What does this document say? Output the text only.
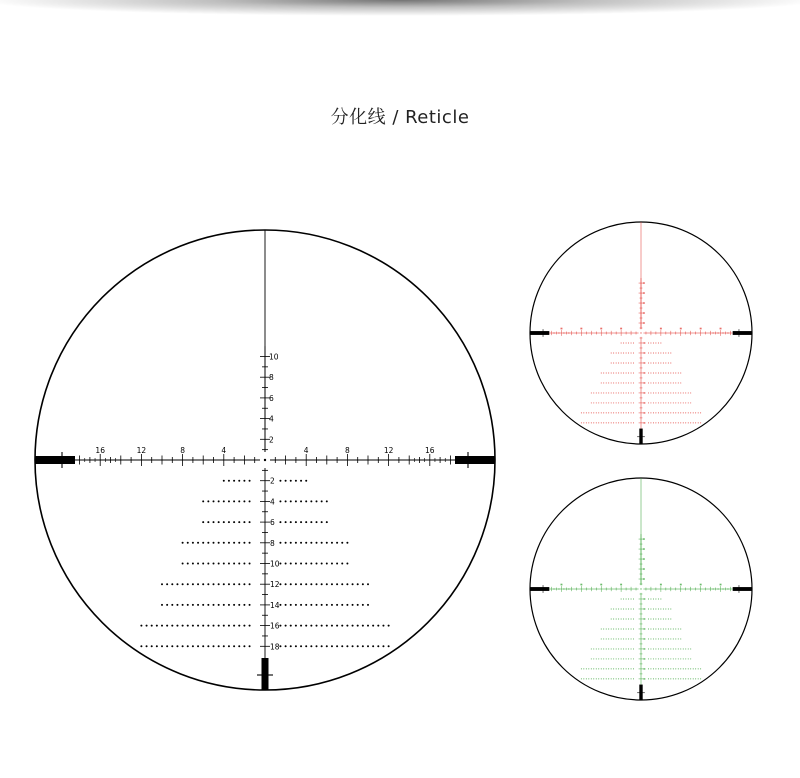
分化线 / Reticle
16	12	8	4	4	8	12	16
2
4
6
8
10
2
4
6
8
10
12
14
16
18
